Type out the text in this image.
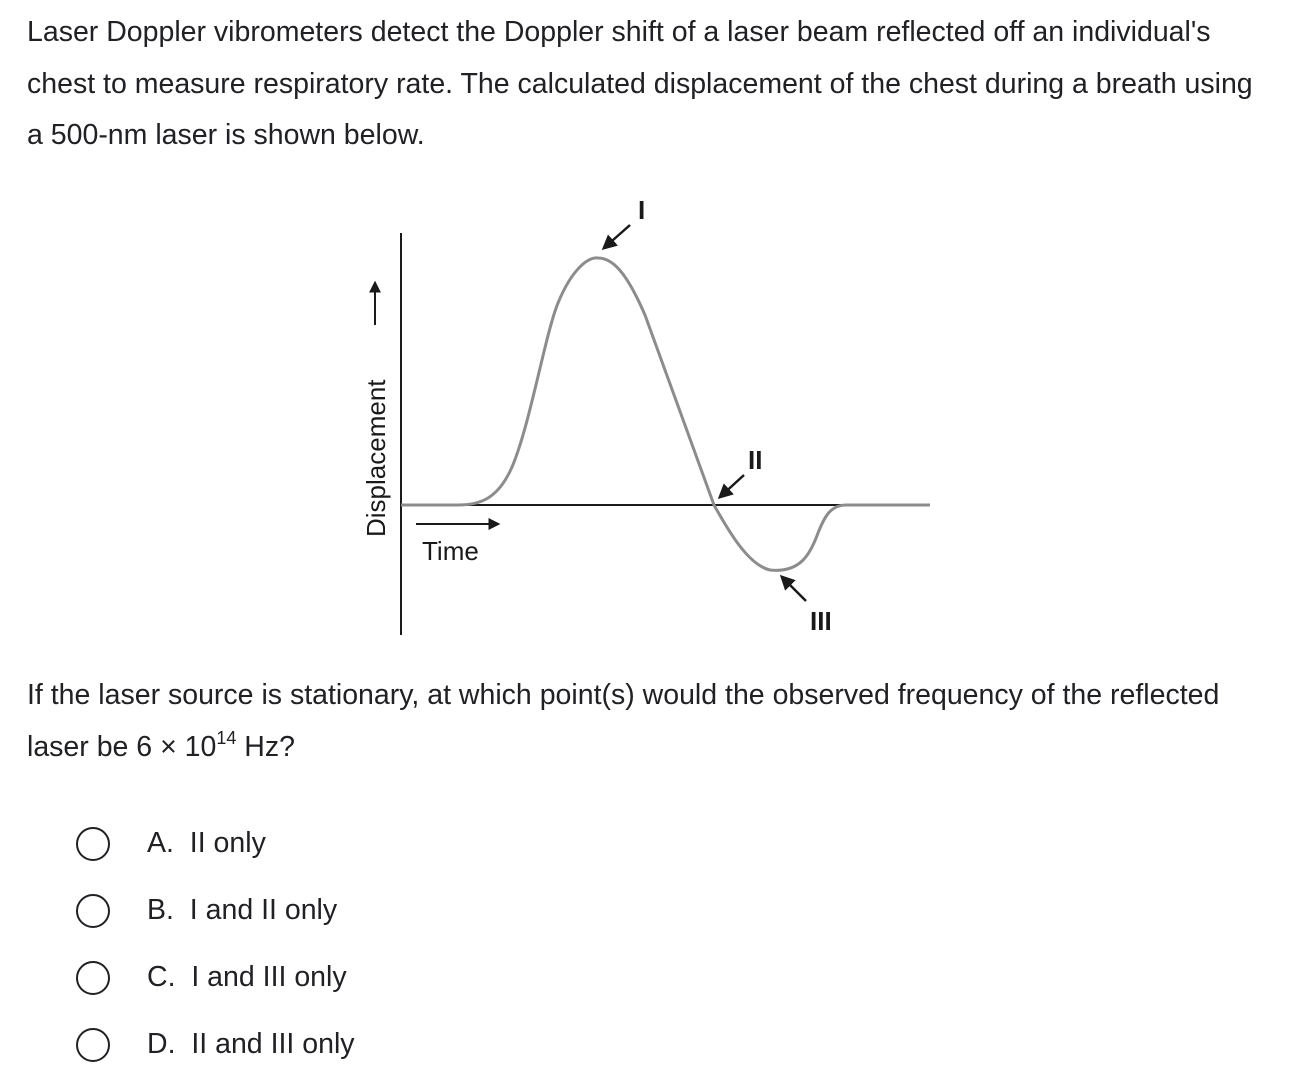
Laser Doppler vibrometers detect the Doppler shift of a laser beam reflected off an individual's chest to measure respiratory rate. The calculated displacement of the chest during a breath using a 500-nm laser is shown below.

Displacement
Time
I
II
III

If the laser source is stationary, at which point(s) would the observed frequency of the reflected laser be $6 \times 10^{14}$ Hz?

A. II only
B. I and II only
C. I and III only
D. II and III only
